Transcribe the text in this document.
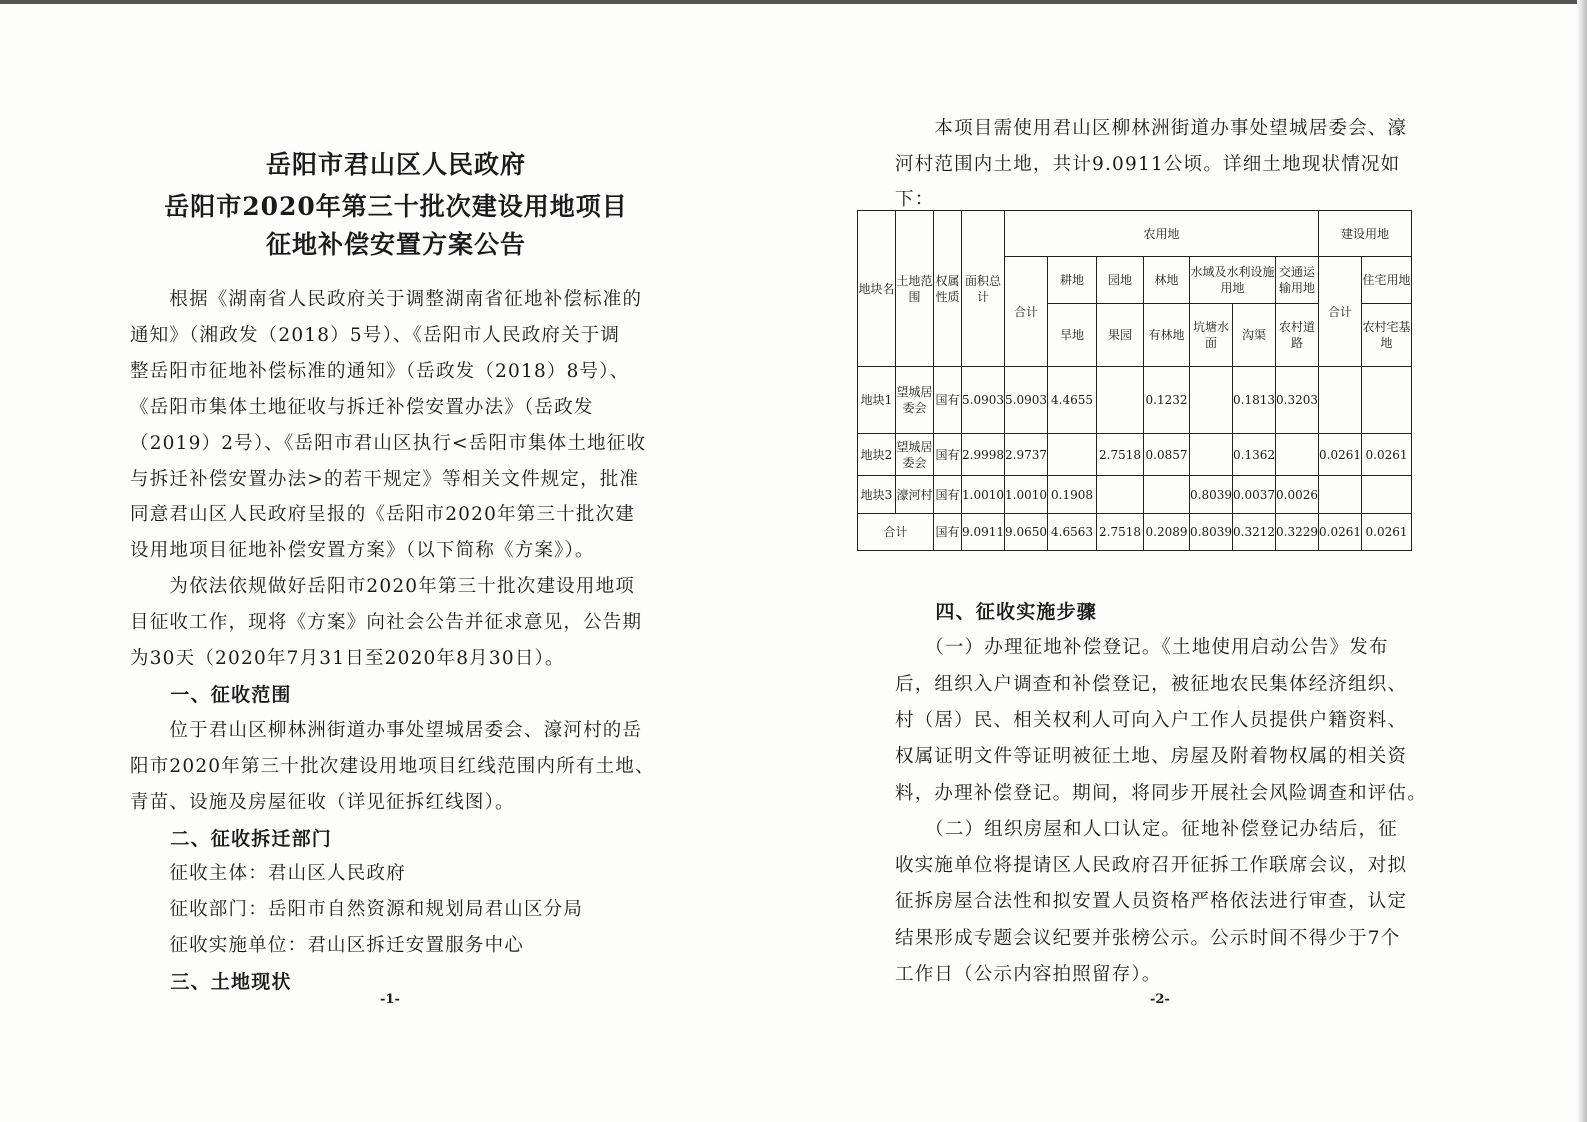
岳阳市君山区人民政府
岳阳市2020年第三十批次建设用地项目
征地补偿安置方案公告
　　根据《湖南省人民政府关于调整湖南省征地补偿标准的
通知》（湘政发（2018）5号）、《岳阳市人民政府关于调
整岳阳市征地补偿标准的通知》（岳政发（2018）8号）、
《岳阳市集体土地征收与拆迁补偿安置办法》（岳政发
（2019）2号）、《岳阳市君山区执行<岳阳市集体土地征收
与拆迁补偿安置办法>的若干规定》等相关文件规定，批准
同意君山区人民政府呈报的《岳阳市2020年第三十批次建
设用地项目征地补偿安置方案》（以下简称《方案》）。
　　为依法依规做好岳阳市2020年第三十批次建设用地项
目征收工作，现将《方案》向社会公告并征求意见，公告期
为30天（2020年7月31日至2020年8月30日）。
　　一、征收范围
　　位于君山区柳林洲街道办事处望城居委会、濠河村的岳
阳市2020年第三十批次建设用地项目红线范围内所有土地、
青苗、设施及房屋征收（详见征拆红线图）。
　　二、征收拆迁部门
　　征收主体：君山区人民政府
　　征收部门：岳阳市自然资源和规划局君山区分局
　　征收实施单位：君山区拆迁安置服务中心
　　三、土地现状
-1-
　　本项目需使用君山区柳林洲街道办事处望城居委会、濠
河村范围内土地，共计9.0911公顷。详细土地现状情况如
下：
　　四、征收实施步骤
　　（一）办理征地补偿登记。《土地使用启动公告》发布
后，组织入户调查和补偿登记，被征地农民集体经济组织、
村（居）民、相关权利人可向入户工作人员提供户籍资料、
权属证明文件等证明被征土地、房屋及附着物权属的相关资
料，办理补偿登记。期间，将同步开展社会风险调查和评估。
　　（二）组织房屋和人口认定。征地补偿登记办结后，征
收实施单位将提请区人民政府召开征拆工作联席会议，对拟
征拆房屋合法性和拟安置人员资格严格依法进行审查，认定
结果形成专题会议纪要并张榜公示。公示时间不得少于7个
工作日（公示内容拍照留存）。
-2-
地块名	土地范围	权属性质	面积总计	农用地							建设用地	
				合计	耕地	园地	林地	水域及水利设施用地		交通运输用地	合计	住宅用地
					旱地	果园	有林地	坑塘水面	沟渠	农村道路		农村宅基地
地块1	望城居委会	国有	5.0903	5.0903	4.4655		0.1232		0.1813	0.3203		
地块2	望城居委会	国有	2.9998	2.9737		2.7518	0.0857		0.1362		0.0261	0.0261
地块3	濠河村	国有	1.0010	1.0010	0.1908			0.8039	0.0037	0.0026		
合计		国有	9.0911	9.0650	4.6563	2.7518	0.2089	0.8039	0.3212	0.3229	0.0261	0.0261
